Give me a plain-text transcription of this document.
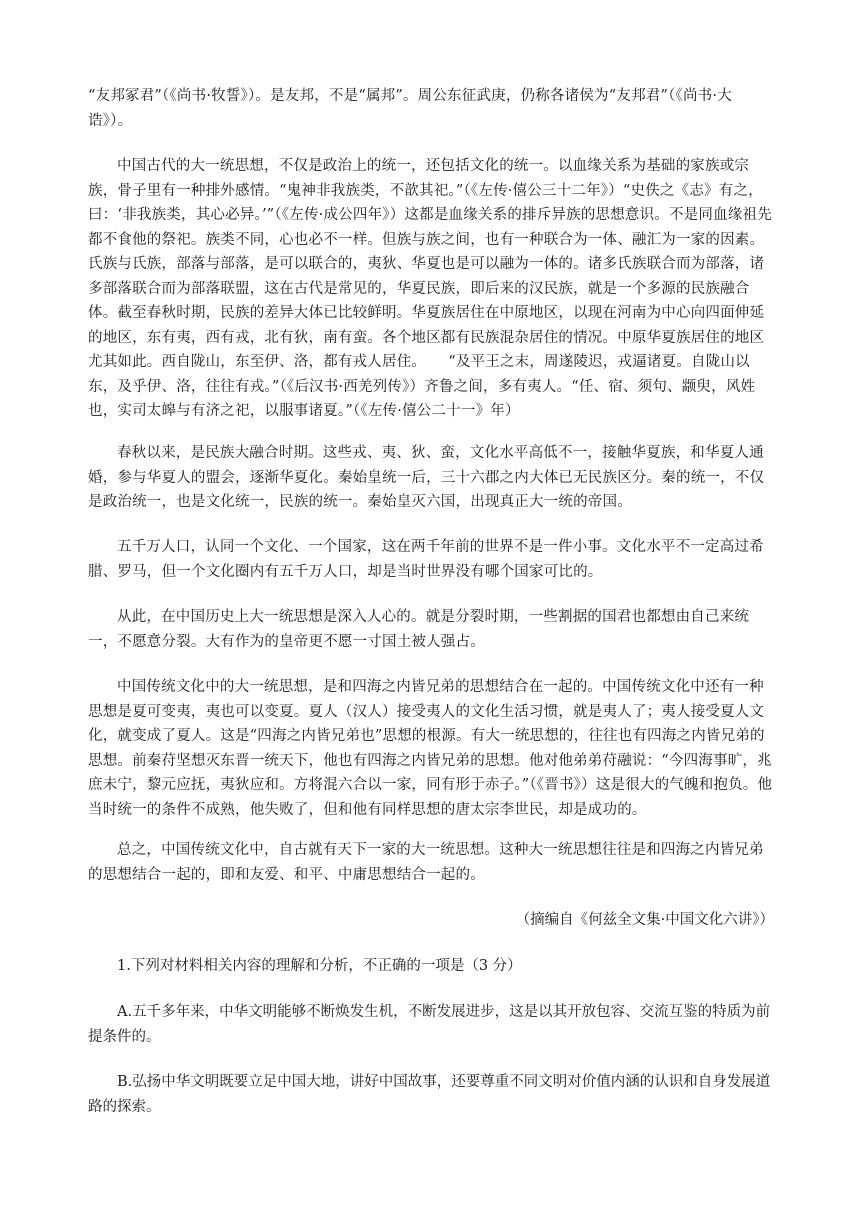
“友邦冢君”（《尚书·牧誓》）。是友邦，不是“属邦”。周公东征武庚，仍称各诸侯为“友邦君”（《尚书·大诰》）。

中国古代的大一统思想，不仅是政治上的统一，还包括文化的统一。以血缘关系为基础的家族或宗族，骨子里有一种排外感情。“鬼神非我族类，不歆其祀。”（《左传·僖公三十二年》）“史佚之《志》有之，曰：‘非我族类，其心必异。’”（《左传·成公四年》）这都是血缘关系的排斥异族的思想意识。不是同血缘祖先都不食他的祭祀。族类不同，心也必不一样。但族与族之间，也有一种联合为一体、融汇为一家的因素。氏族与氏族，部落与部落，是可以联合的，夷狄、华夏也是可以融为一体的。诸多氏族联合而为部落，诸多部落联合而为部落联盟，这在古代是常见的，华夏民族，即后来的汉民族，就是一个多源的民族融合体。截至春秋时期，民族的差异大体已比较鲜明。华夏族居住在中原地区，以现在河南为中心向四面伸延的地区，东有夷，西有戎，北有狄，南有蛮。各个地区都有民族混杂居住的情况。中原华夏族居住的地区尤其如此。西自陇山，东至伊、洛，都有戎人居住。　　“及平王之末，周遂陵迟，戎逼诸夏。自陇山以东，及乎伊、洛，往往有戎。”（《后汉书·西羌列传》）齐鲁之间，多有夷人。“任、宿、须句、颛臾，风姓也，实司太皞与有济之祀，以服事诸夏。”（《左传·僖公二十一》年）

春秋以来，是民族大融合时期。这些戎、夷、狄、蛮，文化水平高低不一，接触华夏族，和华夏人通婚，参与华夏人的盟会，逐渐华夏化。秦始皇统一后，三十六郡之内大体已无民族区分。秦的统一，不仅是政治统一，也是文化统一，民族的统一。秦始皇灭六国，出现真正大一统的帝国。

五千万人口，认同一个文化、一个国家，这在两千年前的世界不是一件小事。文化水平不一定高过希腊、罗马，但一个文化圈内有五千万人口，却是当时世界没有哪个国家可比的。

从此，在中国历史上大一统思想是深入人心的。就是分裂时期，一些割据的国君也都想由自己来统一，不愿意分裂。大有作为的皇帝更不愿一寸国土被人强占。

中国传统文化中的大一统思想，是和四海之内皆兄弟的思想结合在一起的。中国传统文化中还有一种思想是夏可变夷，夷也可以变夏。夏人（汉人）接受夷人的文化生活习惯，就是夷人了；夷人接受夏人文化，就变成了夏人。这是“四海之内皆兄弟也”思想的根源。有大一统思想的，往往也有四海之内皆兄弟的思想。前秦苻坚想灭东晋一统天下，他也有四海之内皆兄弟的思想。他对他弟弟苻融说：“今四海事旷，兆庶未宁，黎元应抚，夷狄应和。方将混六合以一家，同有形于赤子。”（《晋书》）这是很大的气魄和抱负。他当时统一的条件不成熟，他失败了，但和他有同样思想的唐太宗李世民，却是成功的。

总之，中国传统文化中，自古就有天下一家的大一统思想。这种大一统思想往往是和四海之内皆兄弟的思想结合一起的，即和友爱、和平、中庸思想结合一起的。

（摘编自《何兹全文集·中国文化六讲》）

1.下列对材料相关内容的理解和分析，不正确的一项是（3 分）

A.五千多年来，中华文明能够不断焕发生机，不断发展进步，这是以其开放包容、交流互鉴的特质为前提条件的。

B.弘扬中华文明既要立足中国大地，讲好中国故事，还要尊重不同文明对价值内涵的认识和自身发展道路的探索。
